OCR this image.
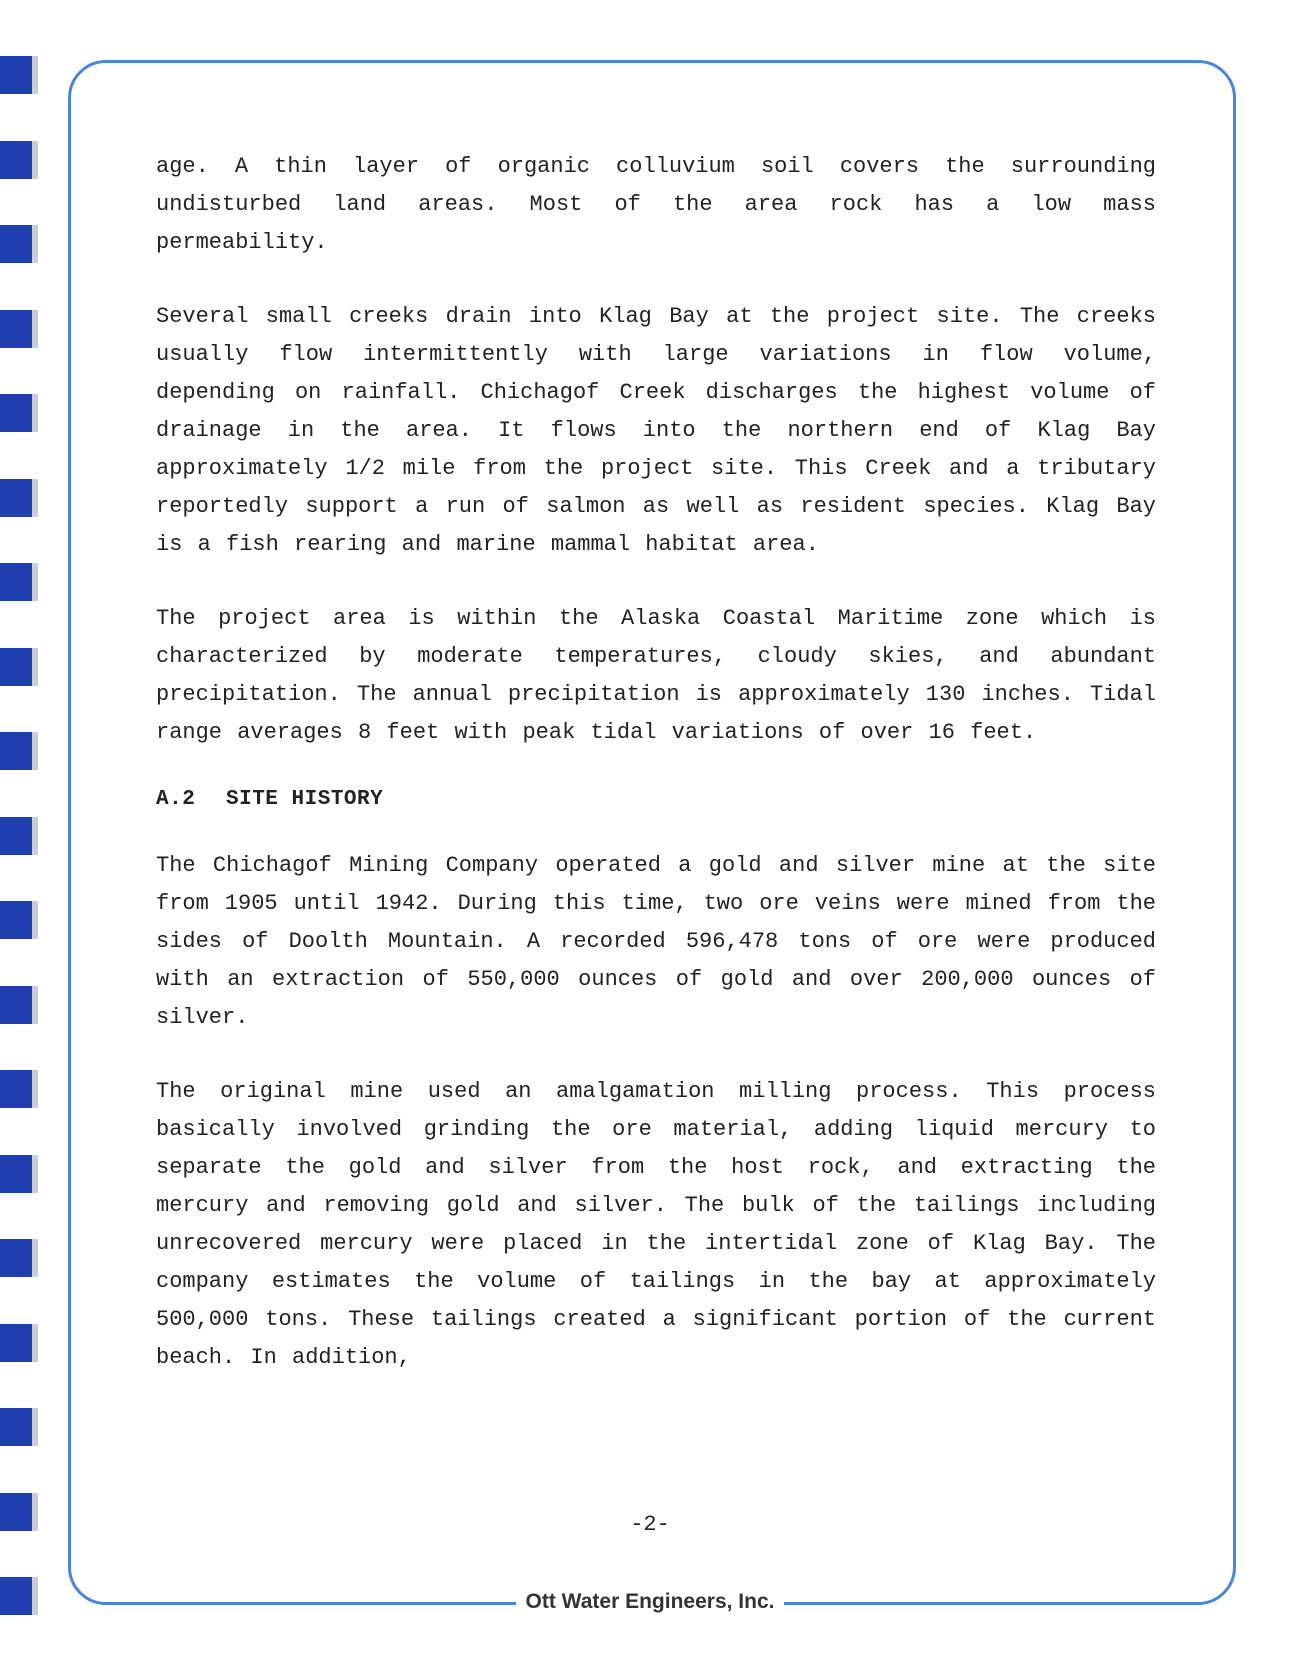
age. A thin layer of organic colluvium soil covers the surrounding undisturbed land areas. Most of the area rock has a low mass permeability.

Several small creeks drain into Klag Bay at the project site. The creeks usually flow intermittently with large variations in flow volume, depending on rainfall. Chichagof Creek discharges the highest volume of drainage in the area. It flows into the northern end of Klag Bay approximately 1/2 mile from the project site. This Creek and a tributary reportedly support a run of salmon as well as resident species. Klag Bay is a fish rearing and marine mammal habitat area.

The project area is within the Alaska Coastal Maritime zone which is characterized by moderate temperatures, cloudy skies, and abundant precipitation. The annual precipitation is approximately 130 inches. Tidal range averages 8 feet with peak tidal variations of over 16 feet.

A.2 SITE HISTORY

The Chichagof Mining Company operated a gold and silver mine at the site from 1905 until 1942. During this time, two ore veins were mined from the sides of Doolth Mountain. A recorded 596,478 tons of ore were produced with an extraction of 550,000 ounces of gold and over 200,000 ounces of silver.

The original mine used an amalgamation milling process. This process basically involved grinding the ore material, adding liquid mercury to separate the gold and silver from the host rock, and extracting the mercury and removing gold and silver. The bulk of the tailings including unrecovered mercury were placed in the intertidal zone of Klag Bay. The company estimates the volume of tailings in the bay at approximately 500,000 tons. These tailings created a significant portion of the current beach. In addition,

-2-
Ott Water Engineers, Inc.
